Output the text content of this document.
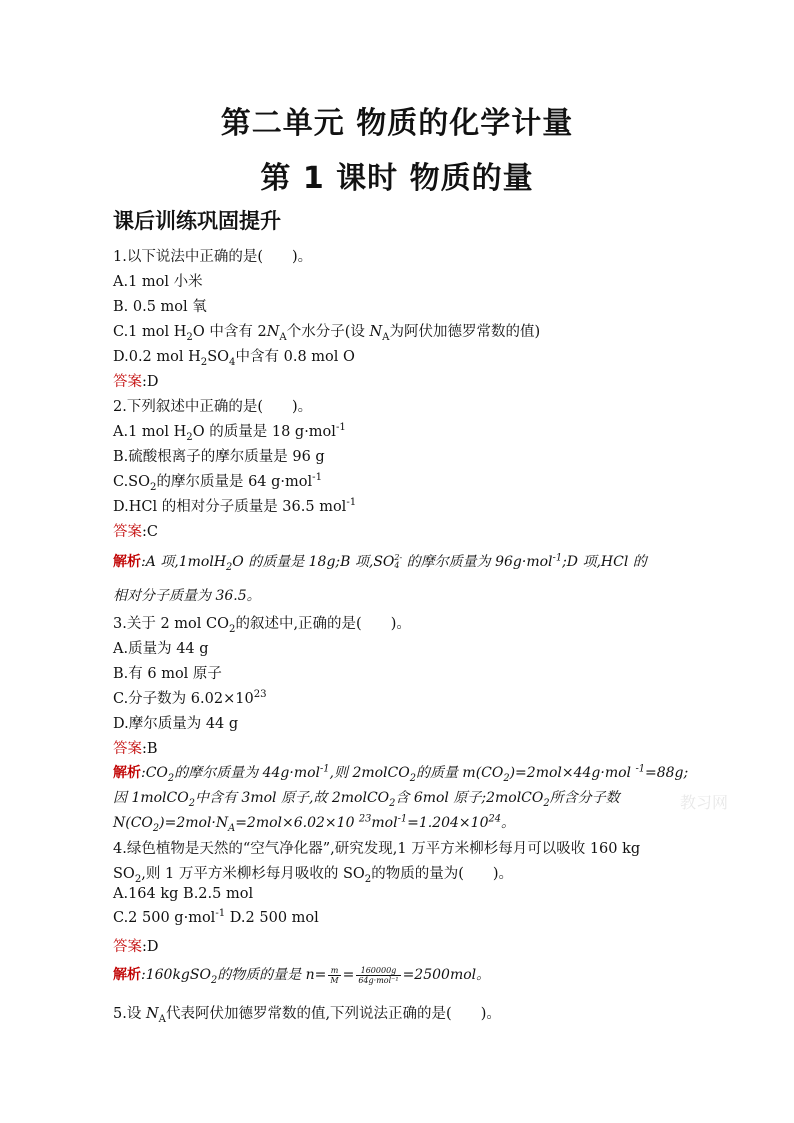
第二单元 物质的化学计量
第 1 课时 物质的量
课后训练巩固提升
1.以下说法中正确的是(　　)。
A.1 mol 小米
B. 0.5 mol 氧
C.1 mol $H_2O$ 中含有 $2N_A$个水分子(设 $N_A$为阿伏加德罗常数的值)
D.0.2 mol $H_2SO_4$中含有 0.8 mol O
答案:D
2.下列叙述中正确的是(　　)。
A.1 mol $H_2O$ 的质量是 18 g·mol$^{-1}$
B.硫酸根离子的摩尔质量是 96 g
$C.SO_2$的摩尔质量是 64 g·mol$^{-1}$
D.HCl 的相对分子质量是 36.5 mol$^{-1}$
答案:C
解析:A 项,1molH$_2$O 的质量是 18g;B 项,SO 2-
4 的摩尔质量为 96g·mol$^{-1}$;D 项,HCl 的
相对分子质量为 36.5。
3.关于 2 mol $CO_2$的叙述中,正确的是(　　)。
A.质量为 44 g
B.有 6 mol 原子
C.分子数为 $6.02\times 10^{23}$
D.摩尔质量为 44 g
答案:B
解析$:CO_2$的摩尔质量为 44g·mol$^{-1}$,则 2molCO$_2$的质量 $m(CO_2)=2mol\times 44g\cdot mol$ $^{-1}$=88g;
因 1molCO$_2$中含有 3mol 原子,故 2molCO$_2$含 6mol 原子;2molCO$_2$所含分子数
$N(CO_2)=2mol\cdot N_A=2mol\times 6.02\times 10$ $^{23}mol^{-1}=1.204\times 10^{24}$。
4.绿色植物是天然的“空气净化器”,研究发现,1 万平方米柳杉每月可以吸收 160 kg
$SO_2$,则 1 万平方米柳杉每月吸收的 $SO_2$的物质的量为(　　)。
A.164 kg B.2.5 mol
C.2 500 g·mol$^{-1}$ D.2 500 mol
答案:D
解析:160kgSO$_2$的物质的量是 $n= \frac{m}{M} = \frac{160000g}{\text{64g·mol⁻¹}} =2500mol$。
5.设 $N_A$代表阿伏加德罗常数的值,下列说法正确的是(　　)。
教习网
